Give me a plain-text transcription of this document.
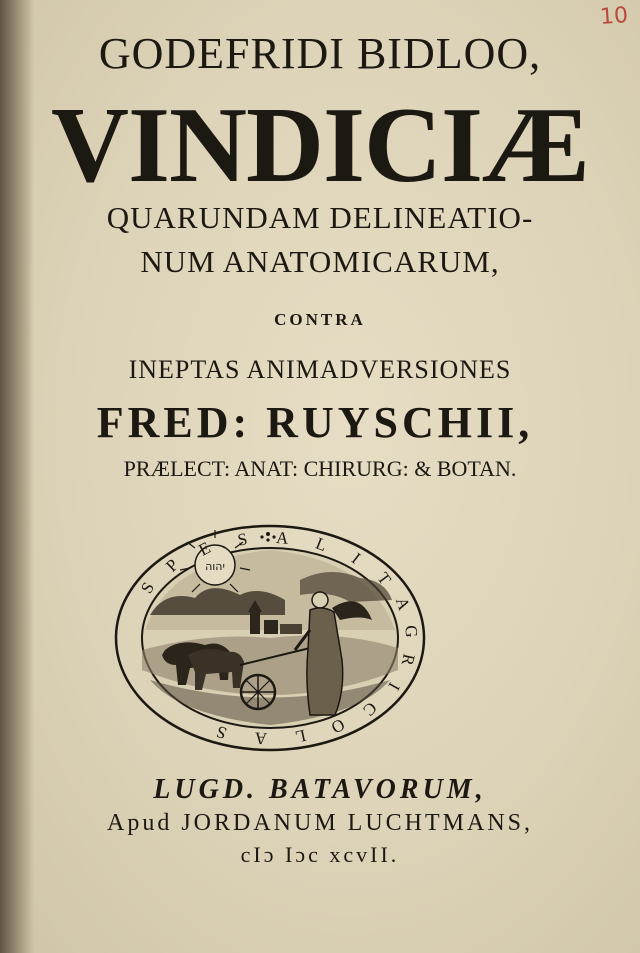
10
GODEFRIDI BIDLOO,
VINDICIÆ
QUARUNDAM DELINEATIO-
NUM ANATOMICARUM,
CONTRA
INEPTAS ANIMADVERSIONES
FRED: RUYSCHII,
PRÆLECT: ANAT: CHIRURG: & BOTAN.
יהוה
S
P
E S A L
I
T
A
G
R
I
C
O
L
A
S
LUGD. BATAVORUM,
Apud JORDANUM LUCHTMANS,
cIɔ Iɔc xcvII.
